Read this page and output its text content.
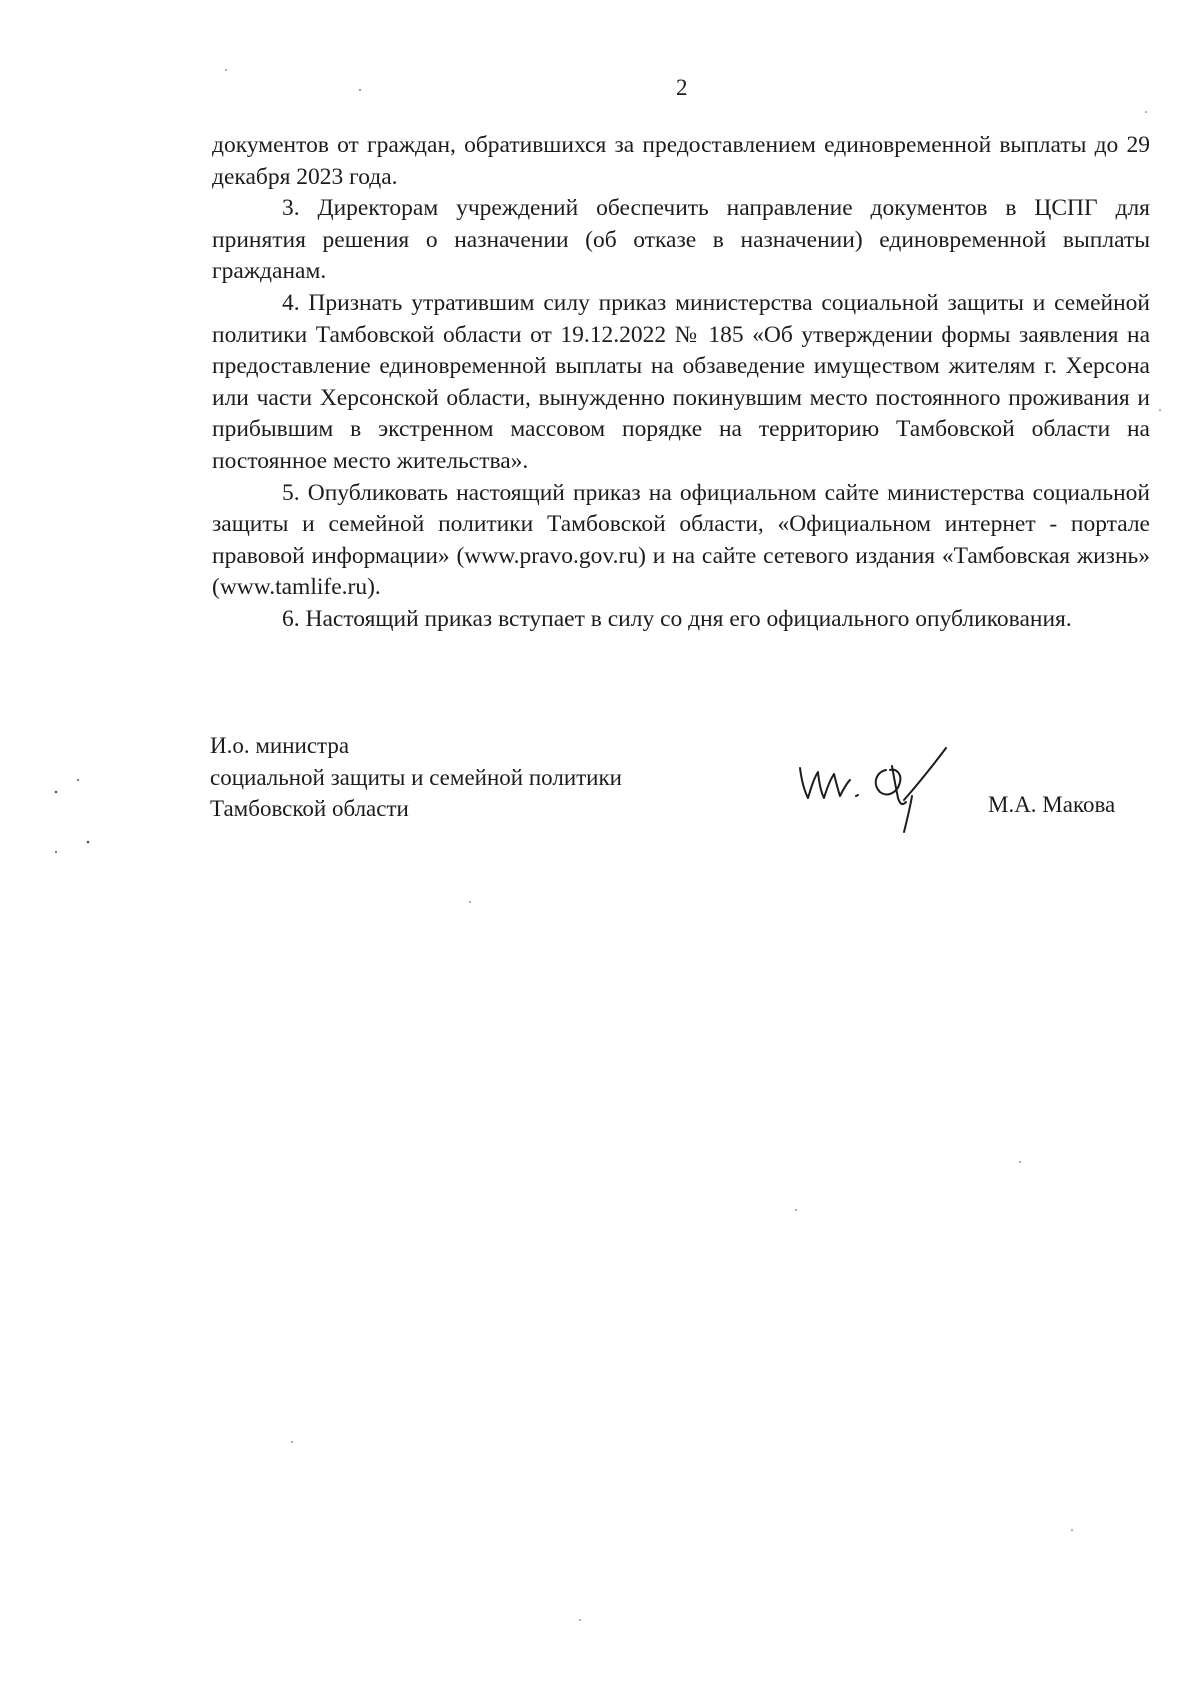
2

документов от граждан, обратившихся за предоставлением единовременной выплаты до 29 декабря 2023 года.

3. Директорам учреждений обеспечить направление документов в ЦСПГ для принятия решения о назначении (об отказе в назначении) единовременной выплаты гражданам.

4. Признать утратившим силу приказ министерства социальной защиты и семейной политики Тамбовской области от 19.12.2022 № 185 «Об утверждении формы заявления на предоставление единовременной выплаты на обзаведение имуществом жителям г. Херсона или части Херсонской области, вынужденно покинувшим место постоянного проживания и прибывшим в экстренном массовом порядке на территорию Тамбовской области на постоянное место жительства».

5. Опубликовать настоящий приказ на официальном сайте министерства социальной защиты и семейной политики Тамбовской области, «Официальном интернет - портале правовой информации» (www.pravo.gov.ru) и на сайте сетевого издания «Тамбовская жизнь» (www.tamlife.ru).

6. Настоящий приказ вступает в силу со дня его официального опубликования.

И.о. министра
социальной защиты и семейной политики
Тамбовской области	М.А. Макова
